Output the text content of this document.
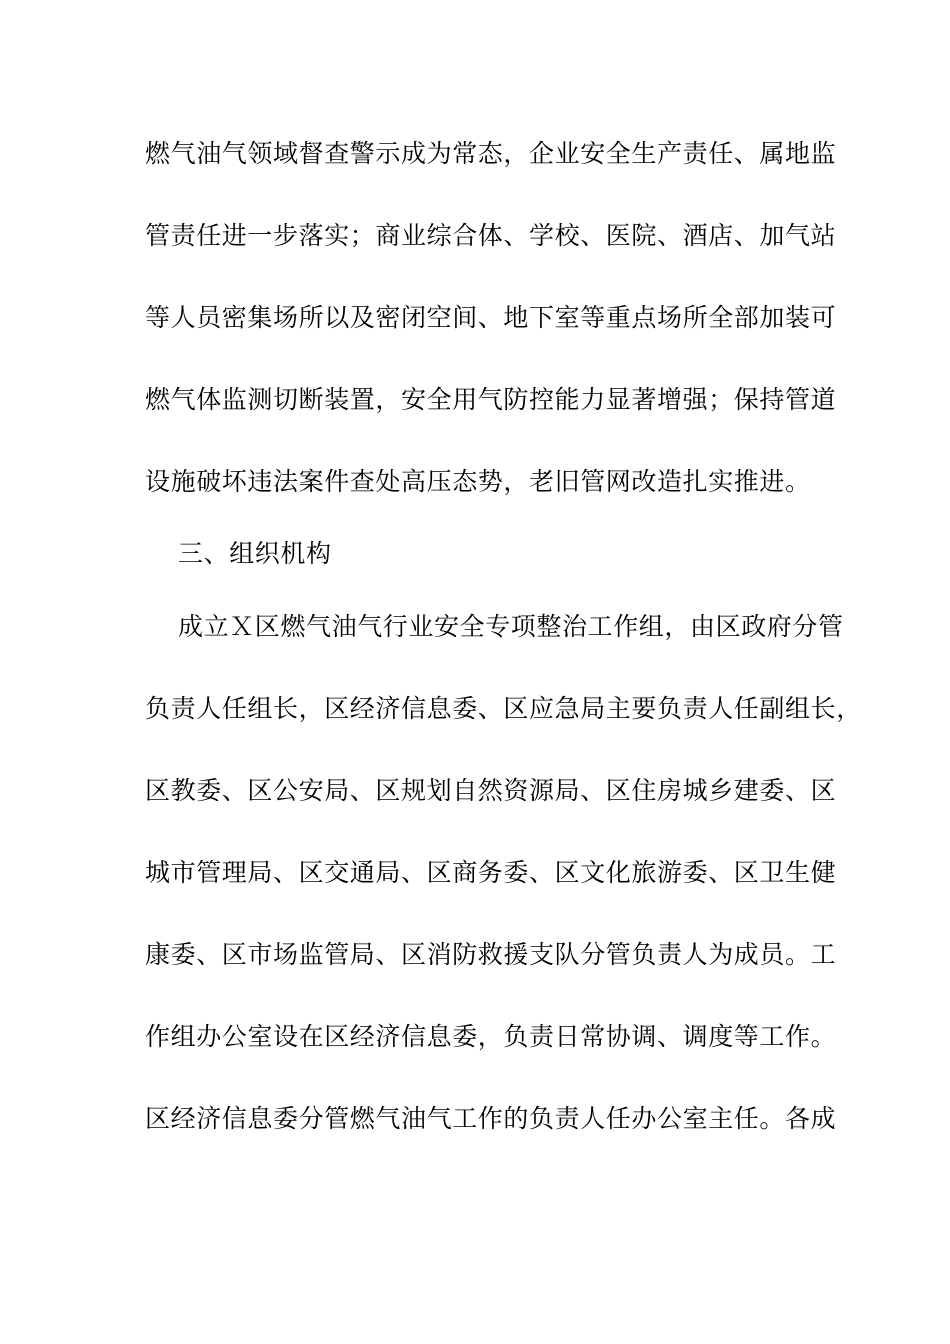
燃气油气领域督查警示成为常态，企业安全生产责任、属地监
管责任进一步落实；商业综合体、学校、医院、酒店、加气站
等人员密集场所以及密闭空间、地下室等重点场所全部加装可
燃气体监测切断装置，安全用气防控能力显著增强；保持管道
设施破坏违法案件查处高压态势，老旧管网改造扎实推进。
三、组织机构
成立Ｘ区燃气油气行业安全专项整治工作组，由区政府分管
负责人任组长，区经济信息委、区应急局主要负责人任副组长，
区教委、区公安局、区规划自然资源局、区住房城乡建委、区
城市管理局、区交通局、区商务委、区文化旅游委、区卫生健
康委、区市场监管局、区消防救援支队分管负责人为成员。工
作组办公室设在区经济信息委，负责日常协调、调度等工作。
区经济信息委分管燃气油气工作的负责人任办公室主任。各成
